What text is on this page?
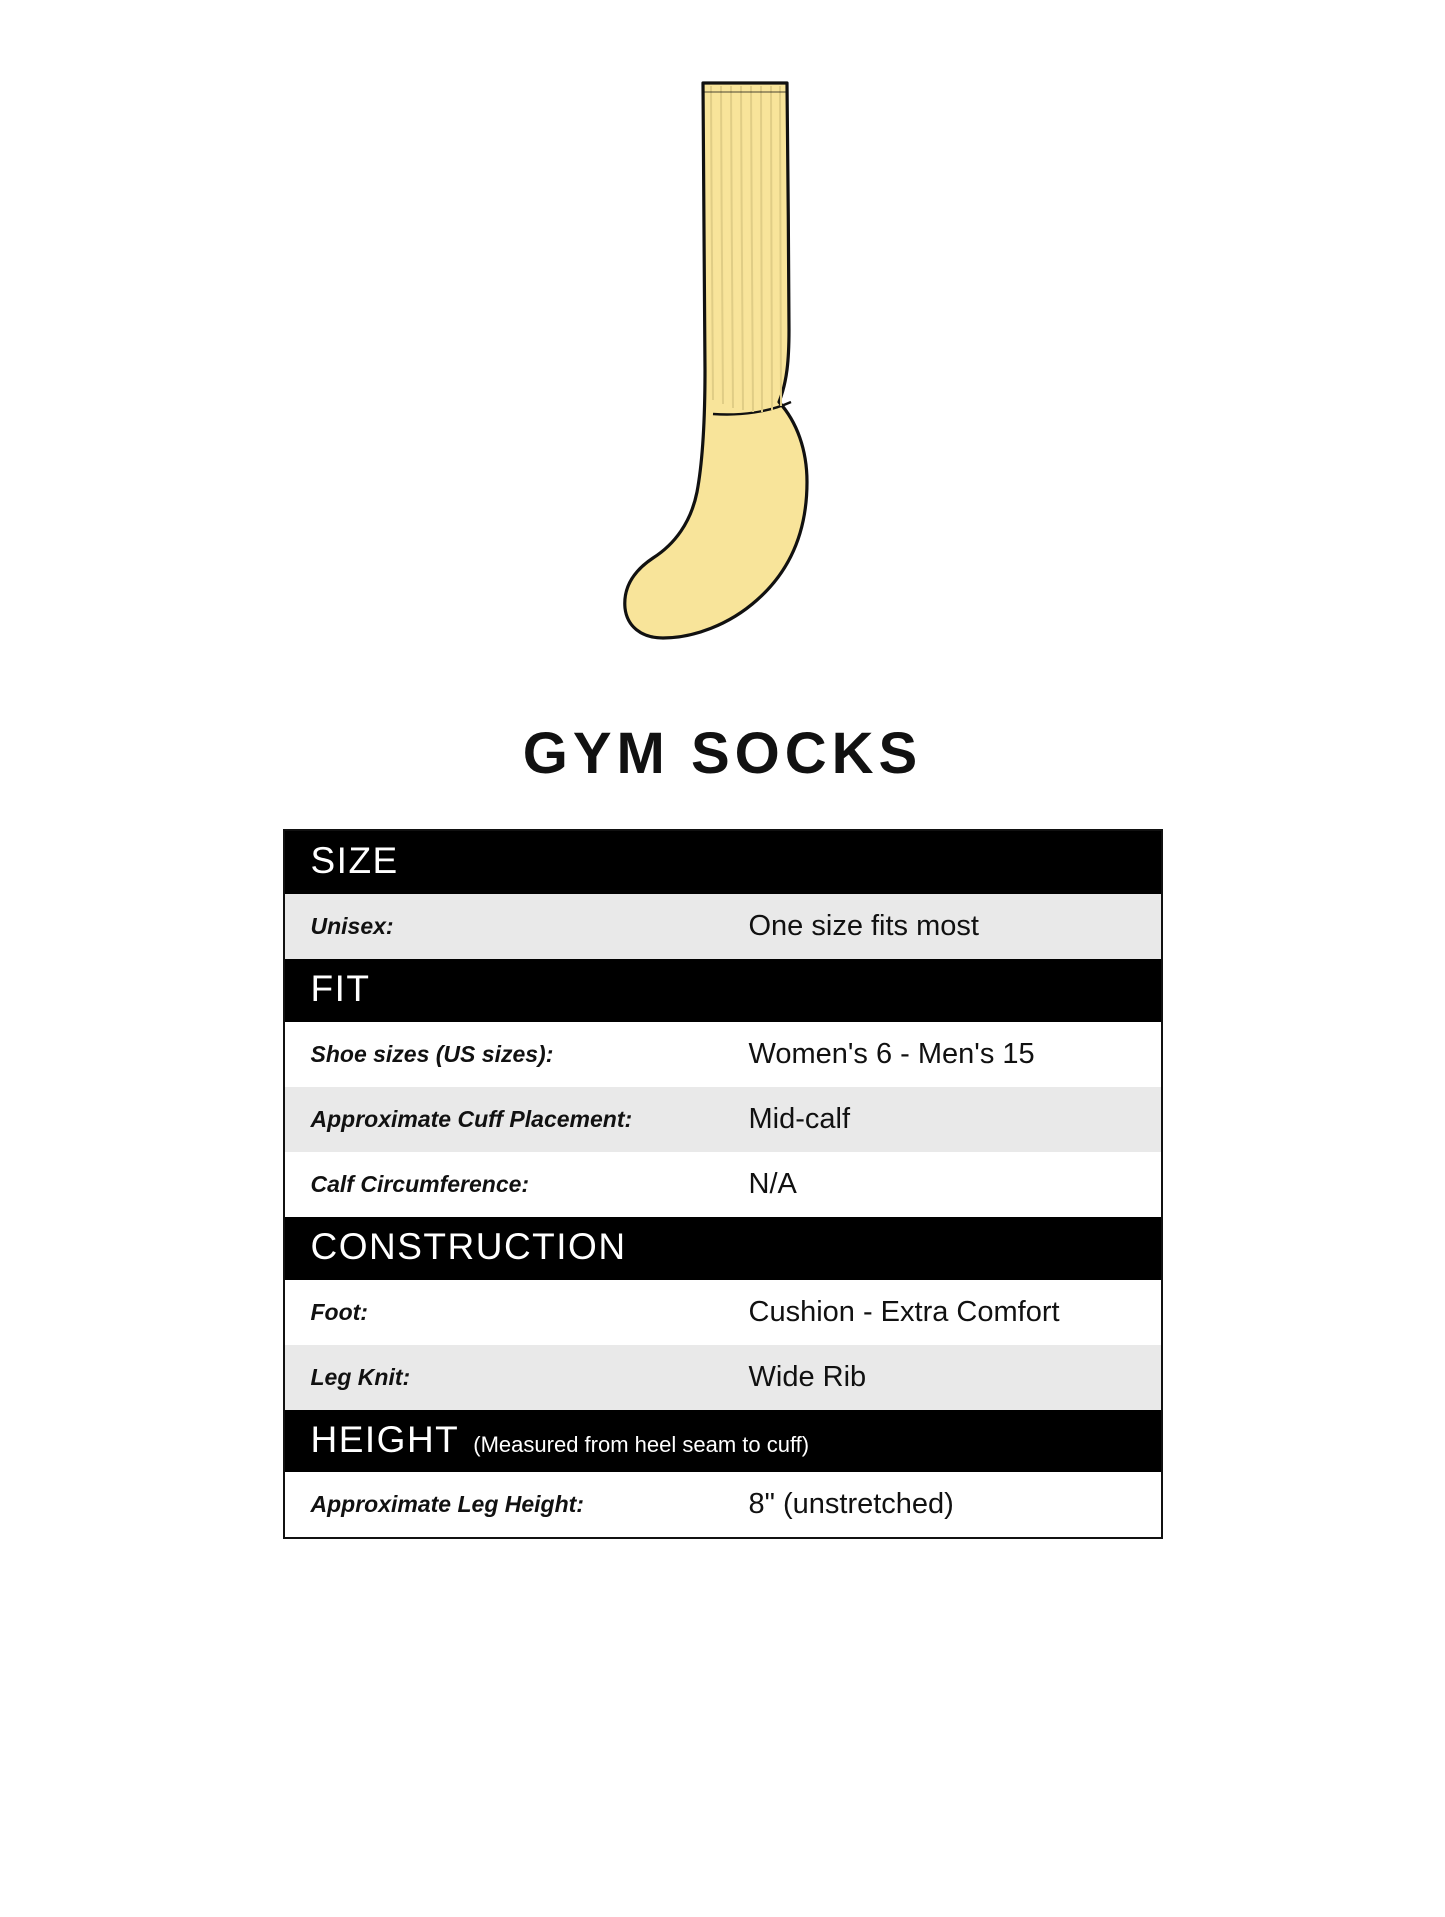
GYM SOCKS
SIZE	
Unisex:	One size fits most
FIT	
Shoe sizes (US sizes):	Women's 6 - Men's 15
Approximate Cuff Placement:	Mid-calf
Calf Circumference:	N/A
CONSTRUCTION	
Foot:	Cushion - Extra Comfort
Leg Knit:	Wide Rib
HEIGHT (Measured from heel seam to cuff)	
Approximate Leg Height:	8" (unstretched)
